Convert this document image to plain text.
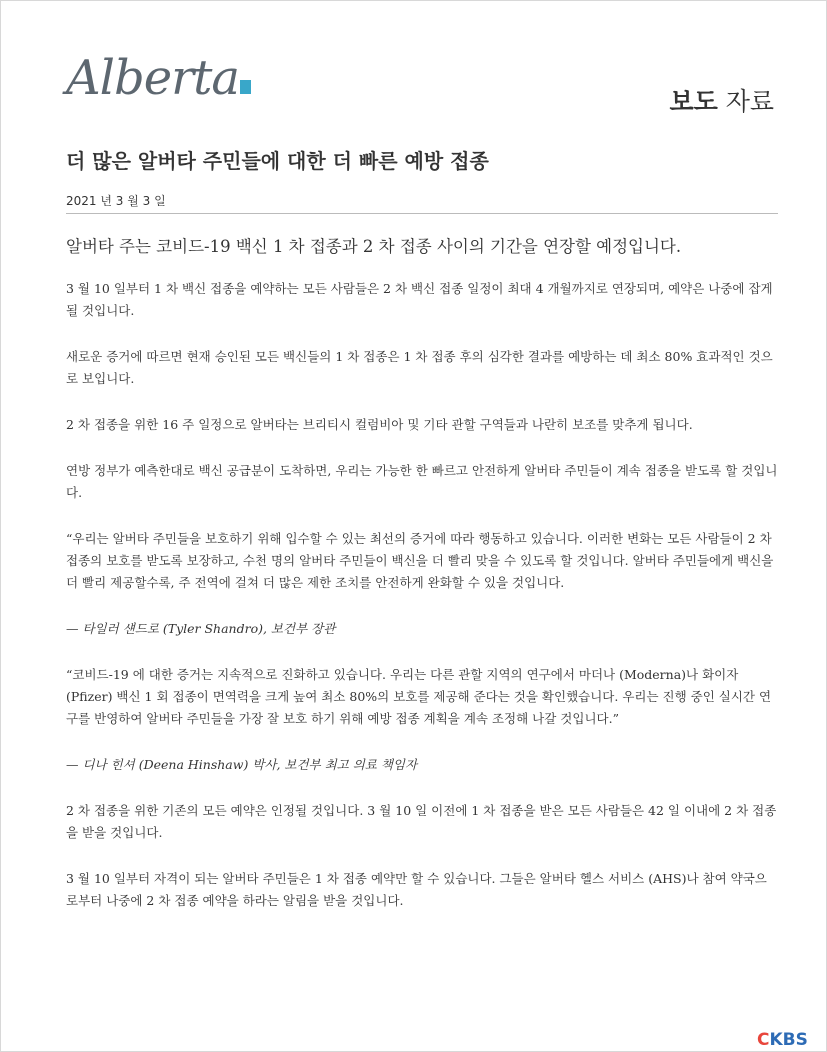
Alberta	보도 자료
더 많은 알버타 주민들에 대한 더 빠른 예방 접종
2021 년 3 월 3 일

알버타 주는 코비드-19 백신 1 차 접종과 2 차 접종 사이의 기간을 연장할 예정입니다.

3 월 10 일부터 1 차 백신 접종을 예약하는 모든 사람들은 2 차 백신 접종 일정이 최대 4 개월까지로 연장되며, 예약은 나중에 잡게 될 것입니다.

새로운 증거에 따르면 현재 승인된 모든 백신들의 1 차 접종은 1 차 접종 후의 심각한 결과를 예방하는 데 최소 80% 효과적인 것으로 보입니다.

2 차 접종을 위한 16 주 일정으로 알버타는 브리티시 컬럼비아 및 기타 관할 구역들과 나란히 보조를 맞추게 됩니다.

연방 정부가 예측한대로 백신 공급분이 도착하면, 우리는 가능한 한 빠르고 안전하게 알버타 주민들이 계속 접종을 받도록 할 것입니다.

“우리는 알버타 주민들을 보호하기 위해 입수할 수 있는 최선의 증거에 따라 행동하고 있습니다. 이러한 변화는 모든 사람들이 2 차 접종의 보호를 받도록 보장하고, 수천 명의 알버타 주민들이 백신을 더 빨리 맞을 수 있도록 할 것입니다. 알버타 주민들에게 백신을 더 빨리 제공할수록, 주 전역에 걸쳐 더 많은 제한 조치를 안전하게 완화할 수 있을 것입니다.

— 타일러 섄드로 (Tyler Shandro), 보건부 장관

“코비드-19 에 대한 증거는 지속적으로 진화하고 있습니다. 우리는 다른 관할 지역의 연구에서 마더나 (Moderna)나 화이자 (Pfizer) 백신 1 회 접종이 면역력을 크게 높여 최소 80%의 보호를 제공해 준다는 것을 확인했습니다. 우리는 진행 중인 실시간 연구를 반영하여 알버타 주민들을 가장 잘 보호 하기 위해 예방 접종 계획을 계속 조정해 나갈 것입니다.”

— 디나 힌셔 (Deena Hinshaw) 박사, 보건부 최고 의료 책임자

2 차 접종을 위한 기존의 모든 예약은 인정될 것입니다. 3 월 10 일 이전에 1 차 접종을 받은 모든 사람들은 42 일 이내에 2 차 접종을 받을 것입니다.

3 월 10 일부터 자격이 되는 알버타 주민들은 1 차 접종 예약만 할 수 있습니다. 그들은 알버타 헬스 서비스 (AHS)나 참여 약국으로부터 나중에 2 차 접종 예약을 하라는 알림을 받을 것입니다.

CKBS
